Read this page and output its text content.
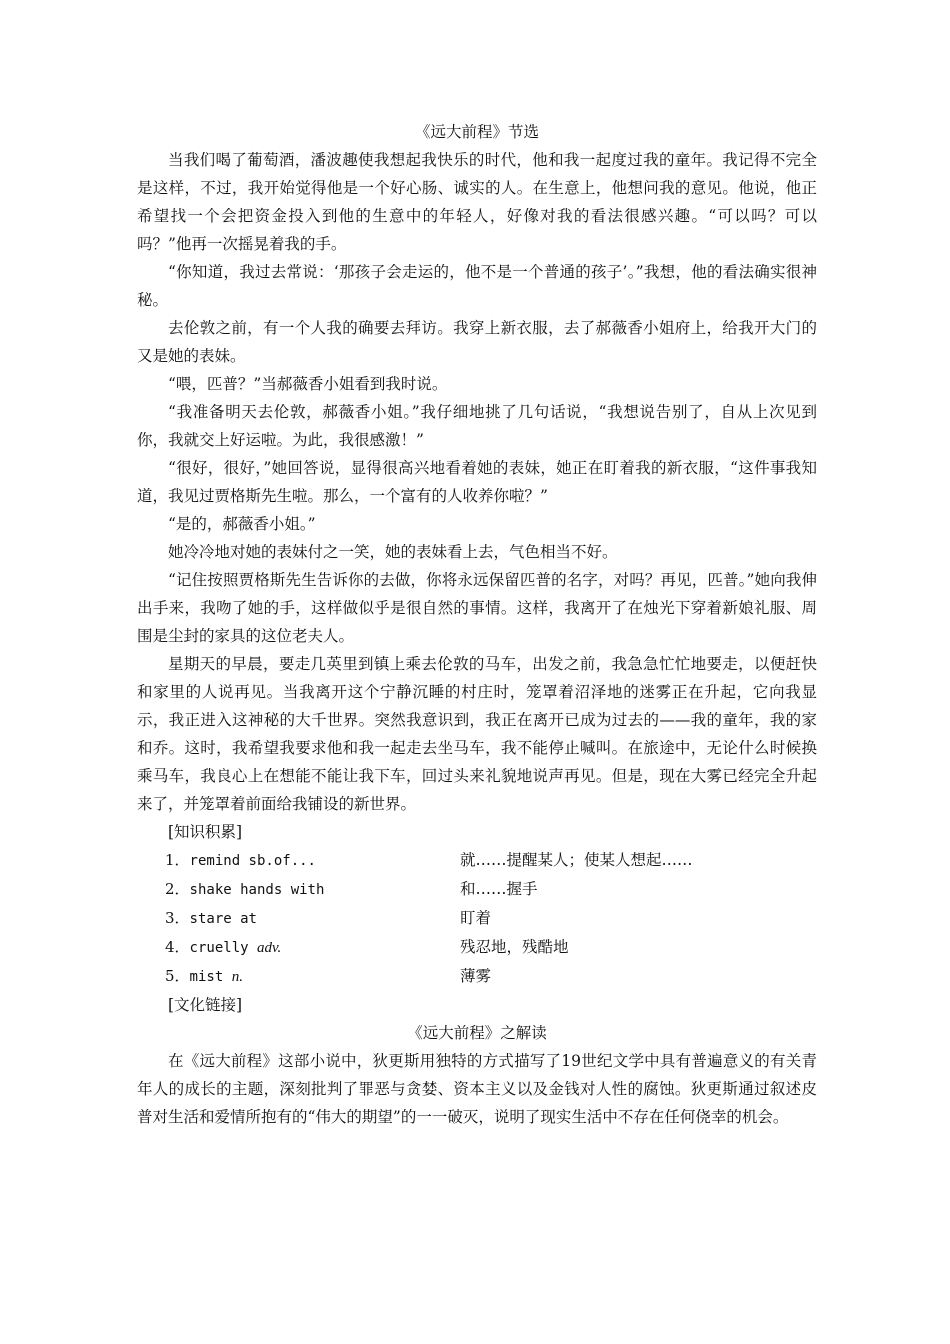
《远大前程》节选

当我们喝了葡萄酒，潘波趣使我想起我快乐的时代，他和我一起度过我的童年。我记得不完全是这样，不过，我开始觉得他是一个好心肠、诚实的人。在生意上，他想问我的意见。他说，他正希望找一个会把资金投入到他的生意中的年轻人，好像对我的看法很感兴趣。“可以吗？可以吗？”他再一次摇晃着我的手。

“你知道，我过去常说：‘那孩子会走运的，他不是一个普通的孩子’。”我想，他的看法确实很神秘。

去伦敦之前，有一个人我的确要去拜访。我穿上新衣服，去了郝薇香小姐府上，给我开大门的又是她的表妹。

“喂，匹普？”当郝薇香小姐看到我时说。

“我准备明天去伦敦，郝薇香小姐。”我仔细地挑了几句话说，“我想说告别了，自从上次见到你，我就交上好运啦。为此，我很感激！”

“很好，很好，”她回答说，显得很高兴地看着她的表妹，她正在盯着我的新衣服，“这件事我知道，我见过贾格斯先生啦。那么，一个富有的人收养你啦？”

“是的，郝薇香小姐。”

她冷冷地对她的表妹付之一笑，她的表妹看上去，气色相当不好。

“记住按照贾格斯先生告诉你的去做，你将永远保留匹普的名字，对吗？再见，匹普。”她向我伸出手来，我吻了她的手，这样做似乎是很自然的事情。这样，我离开了在烛光下穿着新娘礼服、周围是尘封的家具的这位老夫人。

星期天的早晨，要走几英里到镇上乘去伦敦的马车，出发之前，我急急忙忙地要走，以便赶快和家里的人说再见。当我离开这个宁静沉睡的村庄时，笼罩着沼泽地的迷雾正在升起，它向我显示，我正进入这神秘的大千世界。突然我意识到，我正在离开已成为过去的——我的童年，我的家和乔。这时，我希望我要求他和我一起走去坐马车，我不能停止喊叫。在旅途中，无论什么时候换乘马车，我良心上在想能不能让我下车，回过头来礼貌地说声再见。但是，现在大雾已经完全升起来了，并笼罩着前面给我铺设的新世界。

[知识积累]

1．remind sb.of...	就……提醒某人；使某人想起……
2．shake hands with	和……握手
3．stare at	盯着
4．cruelly adv.	残忍地，残酷地
5．mist n.	薄雾

[文化链接]

《远大前程》之解读

在《远大前程》这部小说中，狄更斯用独特的方式描写了19世纪文学中具有普遍意义的有关青年人的成长的主题，深刻批判了罪恶与贪婪、资本主义以及金钱对人性的腐蚀。狄更斯通过叙述皮普对生活和爱情所抱有的“伟大的期望”的一一破灭，说明了现实生活中不存在任何侥幸的机会。
